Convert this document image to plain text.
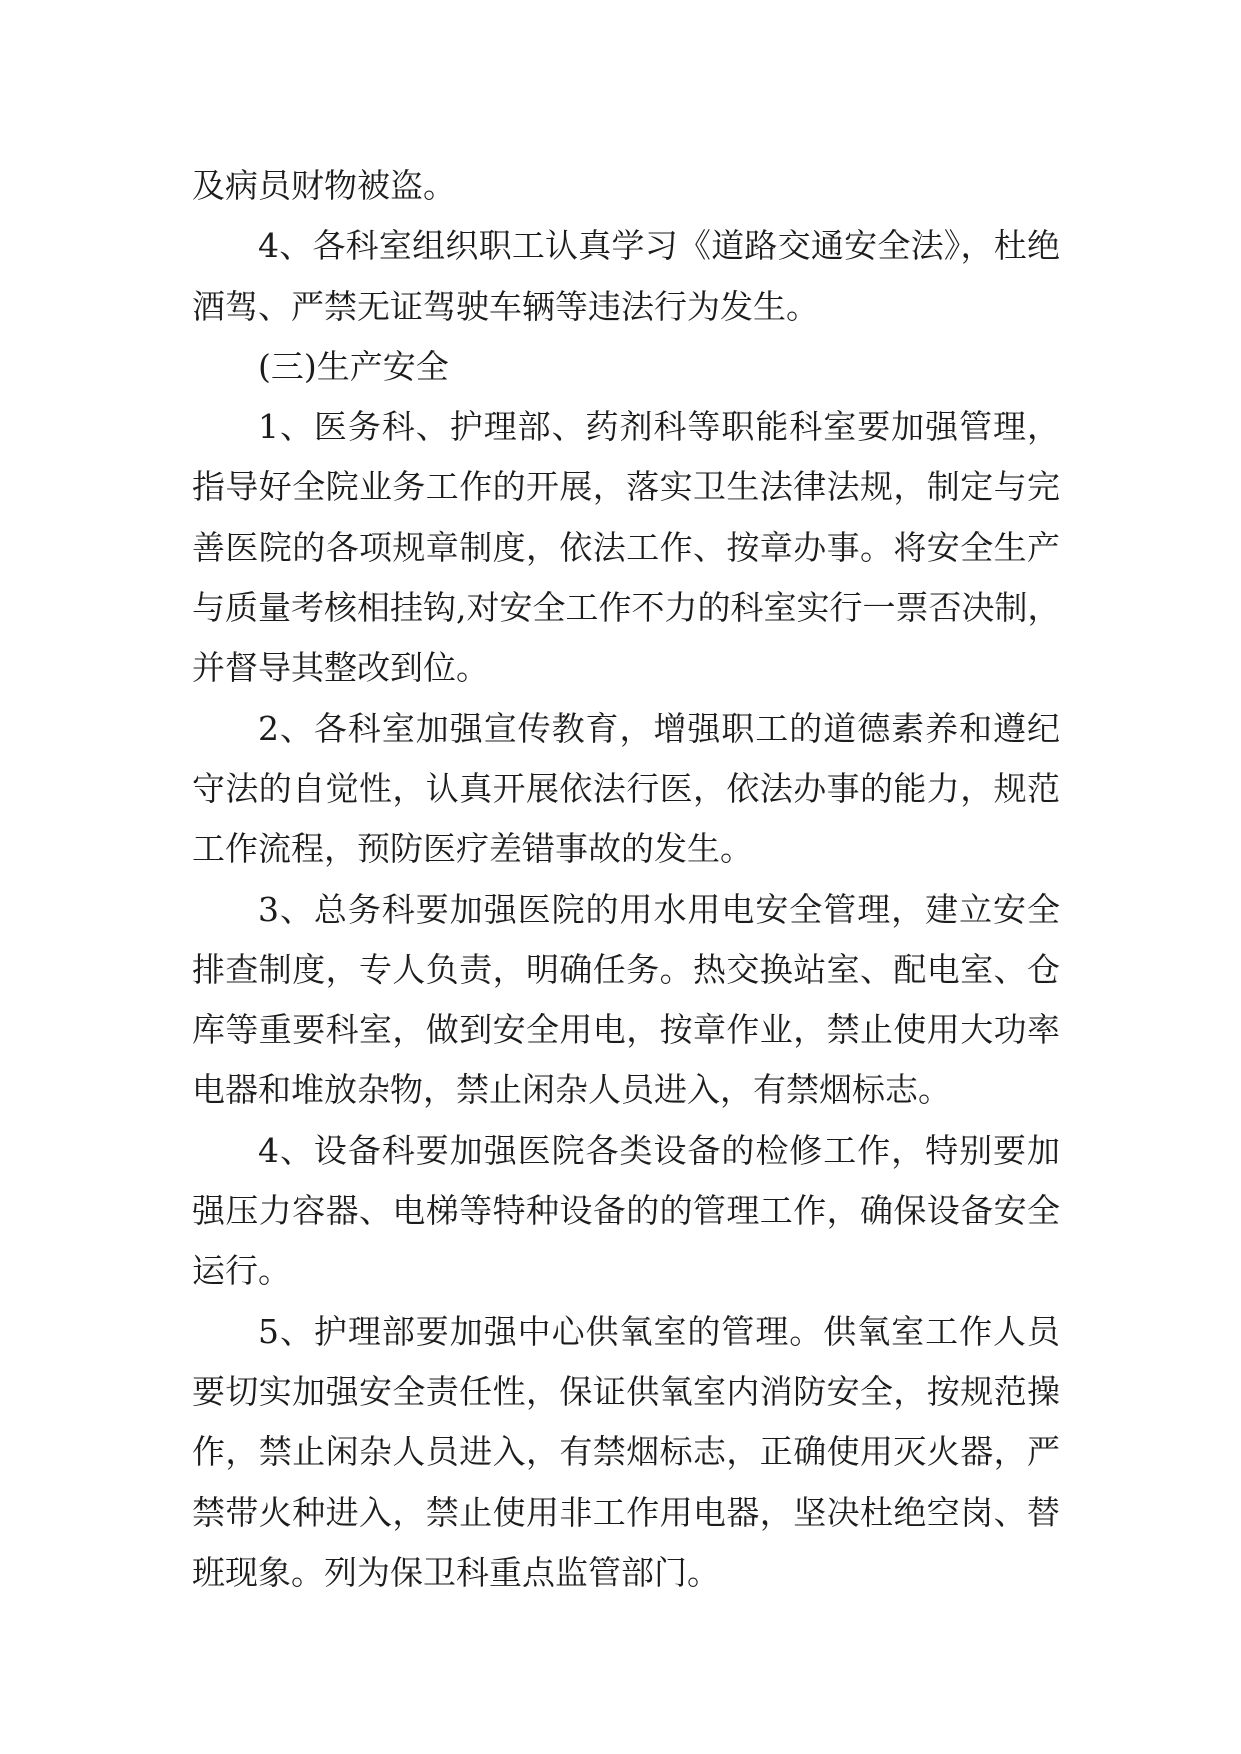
及病员财物被盗。
4、各科室组织职工认真学习《道路交通安全法》，杜绝
酒驾、严禁无证驾驶车辆等违法行为发生。
(三)生产安全
1、医务科、护理部、药剂科等职能科室要加强管理，
指导好全院业务工作的开展，落实卫生法律法规，制定与完
善医院的各项规章制度，依法工作、按章办事。将安全生产
与质量考核相挂钩,对安全工作不力的科室实行一票否决制，
并督导其整改到位。
2、各科室加强宣传教育，增强职工的道德素养和遵纪
守法的自觉性，认真开展依法行医，依法办事的能力，规范
工作流程，预防医疗差错事故的发生。
3、总务科要加强医院的用水用电安全管理，建立安全
排查制度，专人负责，明确任务。热交换站室、配电室、仓
库等重要科室，做到安全用电，按章作业，禁止使用大功率
电器和堆放杂物，禁止闲杂人员进入，有禁烟标志。
4、设备科要加强医院各类设备的检修工作，特别要加
强压力容器、电梯等特种设备的的管理工作，确保设备安全
运行。
5、护理部要加强中心供氧室的管理。供氧室工作人员
要切实加强安全责任性，保证供氧室内消防安全，按规范操
作，禁止闲杂人员进入，有禁烟标志，正确使用灭火器，严
禁带火种进入，禁止使用非工作用电器，坚决杜绝空岗、替
班现象。列为保卫科重点监管部门。
